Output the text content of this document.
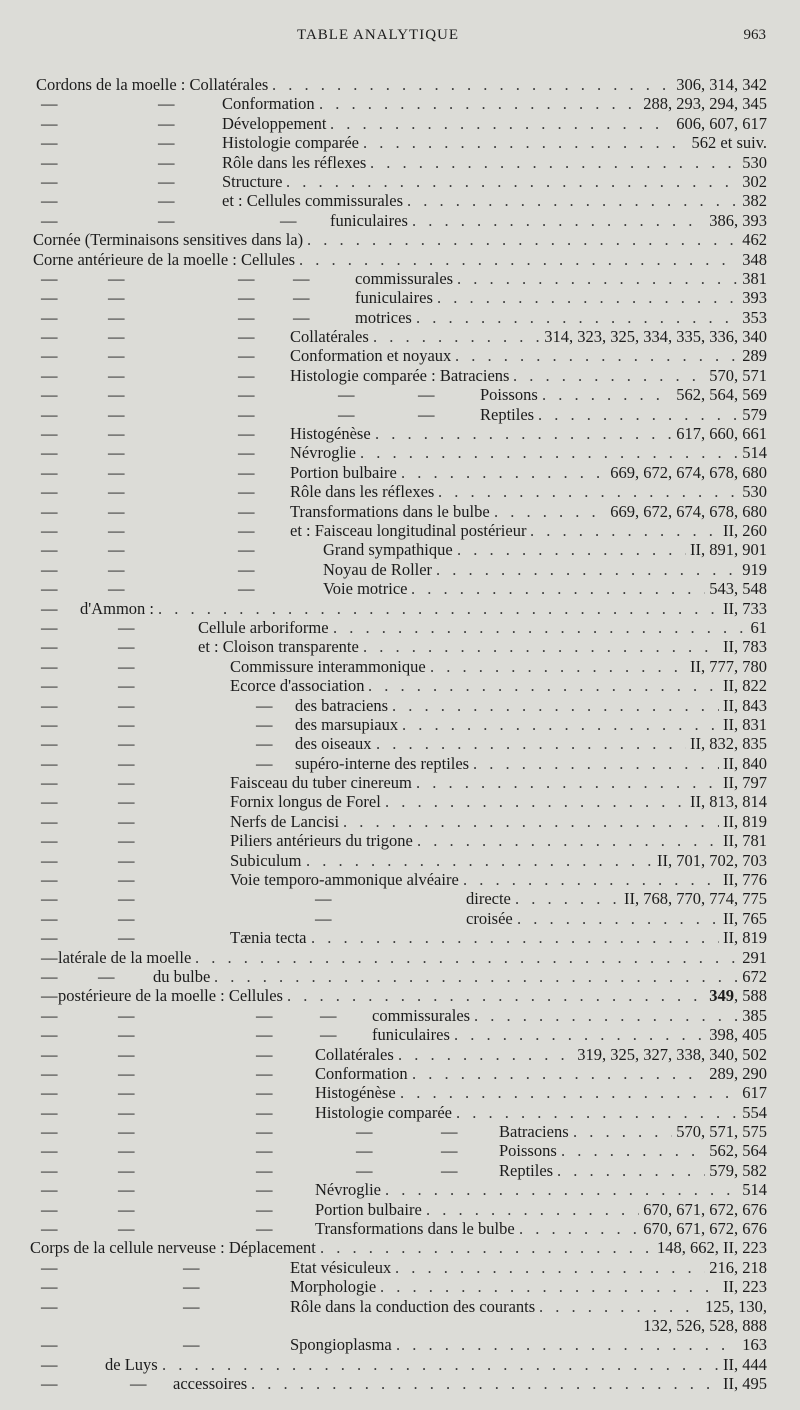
TABLE ANALYTIQUE	963
. . .
Cordons de la moelle : Collatérales	306, 314, 342
. . .
—	—	Conformation	288, 293, 294, 345
. . .
—	—	Développement	606, 607, 617
. . .
—	—	Histologie comparée	562 et suiv.
. . .
—	—	Rôle dans les réflexes	530
. . .
—	—	Structure	302
. . .
—	—	et : Cellules commissurales	382
. . .
—	—	— funiculaires	386, 393
. . .
Cornée (Terminaisons sensitives dans la)	462
. . .
Corne antérieure de la moelle : Cellules	348
. . .
—	—	— —	commissurales	381
. . .
—	—	— —	funiculaires	393
. . .
—	—	— —	motrices	353
. . .
—	—	— Collatérales	314, 323, 325, 334, 335, 336, 340
. . .
—	—	— Conformation et noyaux	289
. . .
—	—	— Histologie comparée : Batraciens	570, 571
. . .
—	—	—	—	—	Poissons	562, 564, 569
. . .
—	—	—	—	—	Reptiles	579
. . .
—	—	— Histogénèse	617, 660, 661
. . .
—	—	— Névroglie	514
. . .
—	—	— Portion bulbaire	669, 672, 674, 678, 680
. . .
—	—	— Rôle dans les réflexes	530
. . .
—	—	— Transformations dans le bulbe	669, 672, 674, 678, 680
. . .
—	—	— et : Faisceau longitudinal postérieur	II, 260
. . .
—	—	—	Grand sympathique	II, 891, 901
. . .
—	—	—	Noyau de Roller	919
. . .
—	—	—	Voie motrice	543, 548
. . .
— d'Ammon :	II, 733
. . .
—	—	Cellule arboriforme	61
. . .
—	—	et : Cloison transparente	II, 783
. . .
—	—	Commissure interammonique	II, 777, 780
. . .
—	—	Ecorce d'association	II, 822
. . .
—	—	— des batraciens	II, 843
. . .
—	—	— des marsupiaux	II, 831
. . .
—	—	— des oiseaux	II, 832, 835
. . .
—	—	— supéro-interne des reptiles	II, 840
. . .
—	—	Faisceau du tuber cinereum	II, 797
. . .
—	—	Fornix longus de Forel	II, 813, 814
. . .
—	—	Nerfs de Lancisi	II, 819
. . .
—	—	Piliers antérieurs du trigone	II, 781
. . .
—	—	Subiculum	II, 701, 702, 703
. . .
—	—	Voie temporo-ammonique alvéaire	II, 776
. . .
—	—	—	directe	II, 768, 770, 774, 775
. . .
—	—	—	croisée	II, 765
. . .
—	—	Tænia tecta	II, 819
. . .
— latérale de la moelle	291
. . .
— — du bulbe	672
. . .
— postérieure de la moelle : Cellules	349, 588
. . .
—	—	—	— commissurales	385
. . .
—	—	—	— funiculaires	398, 405
. . .
—	—	—	Collatérales	319, 325, 327, 338, 340, 502
. . .
—	—	—	Conformation	289, 290
. . .
—	—	—	Histogénèse	617
. . .
—	—	—	Histologie comparée	554
. . .
—	—	—	—	—	Batraciens	570, 571, 575
. . .
—	—	—	—	—	Poissons	562, 564
. . .
—	—	—	—	—	Reptiles	579, 582
. . .
—	—	—	Névroglie	514
. . .
—	—	—	Portion bulbaire	670, 671, 672, 676
. . .
—	—	—	Transformations dans le bulbe	670, 671, 672, 676
. . .
Corps de la cellule nerveuse : Déplacement	148, 662, II, 223
. . .
—	—	Etat vésiculeux	216, 218
. . .
—	—	Morphologie	II, 223
. . .
—	—	Rôle dans la conduction des courants	125, 130,
132, 526, 528, 888
. . .
—	—	Spongioplasma	163
. . .
—	de Luys	II, 444
. . .
—	— accessoires	II, 495
